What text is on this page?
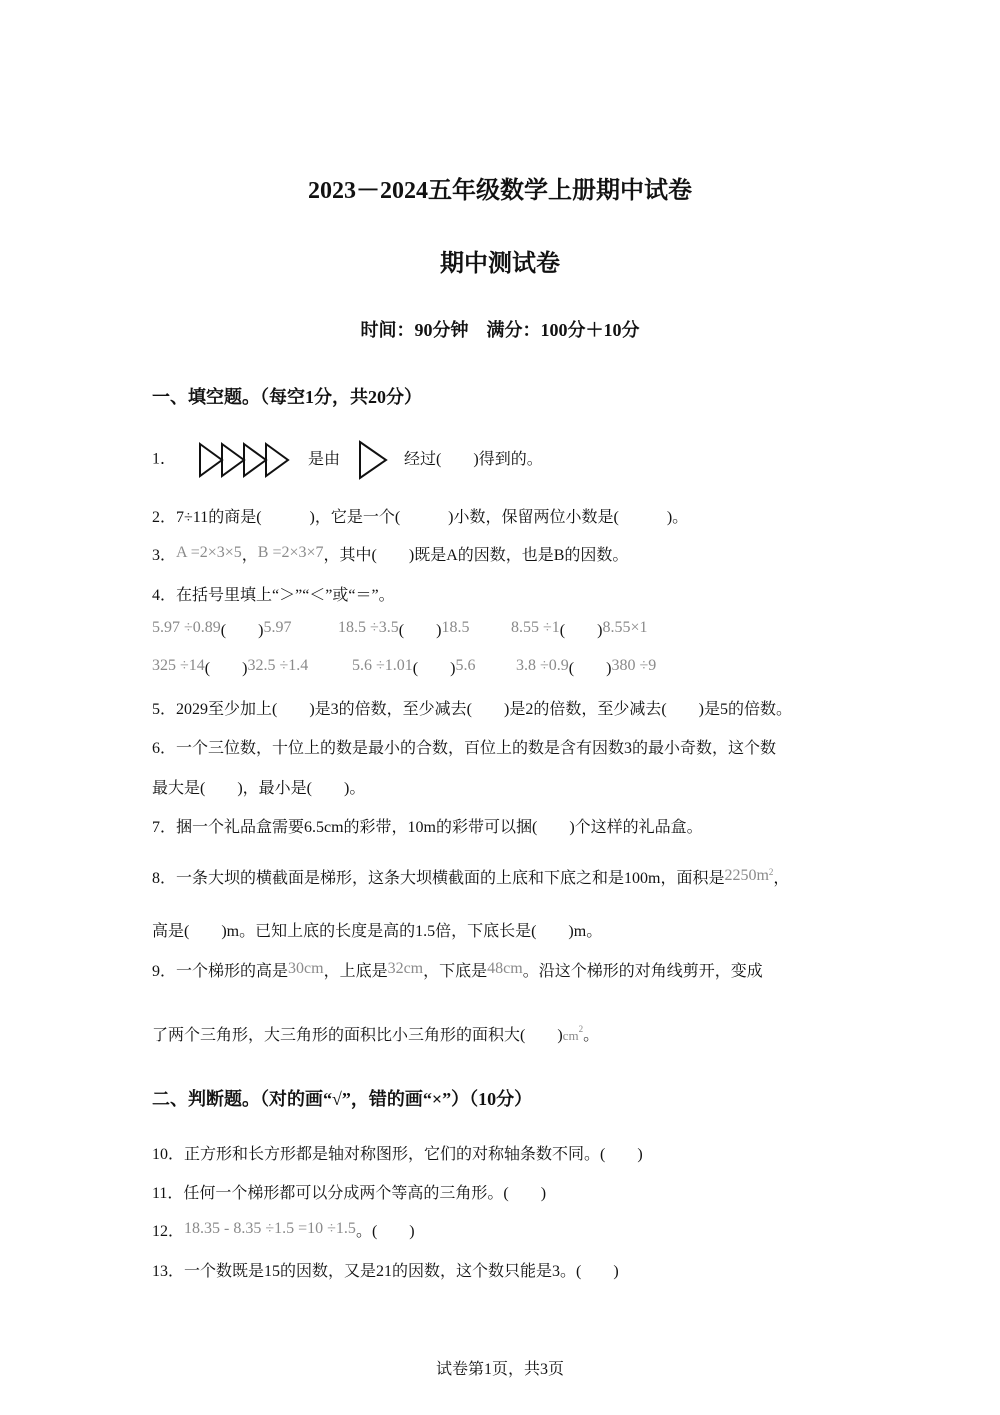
2023－2024五年级数学上册期中试卷
期中测试卷
时间：90分钟　满分：100分＋10分
一、填空题。（每空1分，共20分）
1．	是由	经过(　　)得到的。
2．7÷11的商是(　　　)，它是一个(　　　)小数，保留两位小数是(　　　)。
3．A =2×3×5，B =2×3×7，其中(　　)既是A的因数，也是B的因数。
4．在括号里填上“＞”“＜”或“＝”。
5.97 ÷0.89(　　)5.97	18.5 ÷3.5(　　)18.5	8.55 ÷1(　　)8.55×1
325 ÷14(　　)32.5 ÷1.4	5.6 ÷1.01(　　)5.6	3.8 ÷0.9(　　)380 ÷9
5．2029至少加上(　　)是3的倍数，至少减去(　　)是2的倍数，至少减去(　　)是5的倍数。
6．一个三位数，十位上的数是最小的合数，百位上的数是含有因数3的最小奇数，这个数
最大是(　　)，最小是(　　)。
7．捆一个礼品盒需要6.5cm的彩带，10m的彩带可以捆(　　)个这样的礼品盒。
8．一条大坝的横截面是梯形，这条大坝横截面的上底和下底之和是100m，面积是$2250m^2$，
高是(　　)m。已知上底的长度是高的1.5倍，下底长是(　　)m。
9．一个梯形的高是30cm，上底是32cm，下底是48cm。沿这个梯形的对角线剪开，变成
了两个三角形，大三角形的面积比小三角形的面积大(　　)$cm^2$。
二、判断题。（对的画“√”，错的画“×”）（10分）
10．正方形和长方形都是轴对称图形，它们的对称轴条数不同。(　　)
11．任何一个梯形都可以分成两个等高的三角形。(　　)
12．18.35 - 8.35 ÷1.5 =10 ÷1.5。(　　)
13．一个数既是15的因数，又是21的因数，这个数只能是3。(　　)
试卷第1页，共3页
